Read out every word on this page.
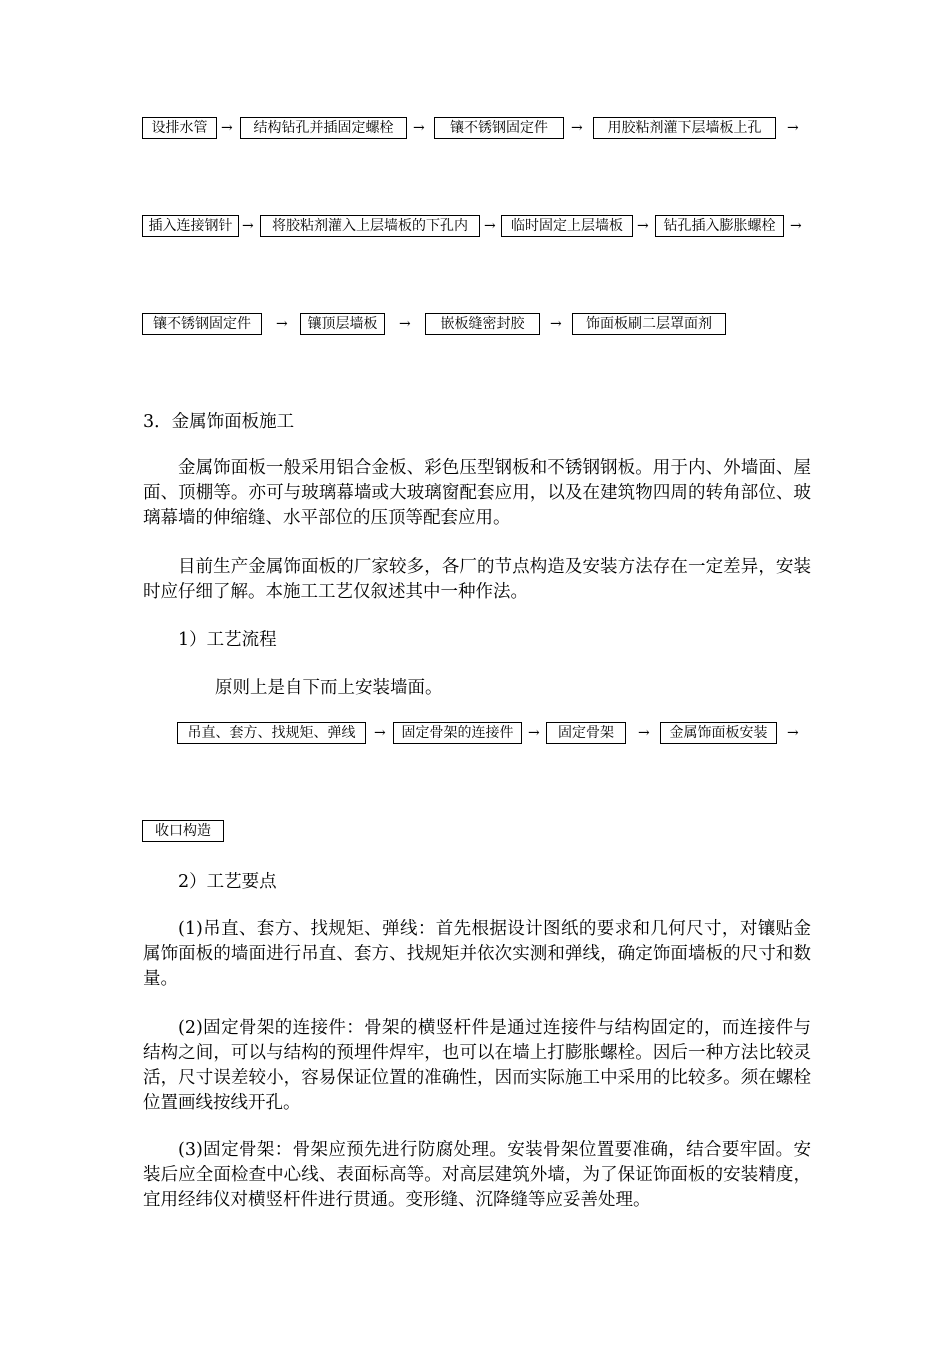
设排水管 →	结构钻孔并插固定螺栓	→	镶不锈钢固定件	→	用胶粘剂灌下层墙板上孔	→
插入连接钢针 →	将胶粘剂灌入上层墙板的下孔内	→	临时固定上层墙板	→	钻孔插入膨胀螺栓	→
镶不锈钢固定件	→	镶顶层墙板	→	嵌板缝密封胶	→	饰面板刷二层罩面剂
3．金属饰面板施工
金属饰面板一般采用铝合金板、彩色压型钢板和不锈钢钢板。用于内、外墙面、屋面、顶棚等。亦可与玻璃幕墙或大玻璃窗配套应用，以及在建筑物四周的转角部位、玻璃幕墙的伸缩缝、水平部位的压顶等配套应用。
目前生产金属饰面板的厂家较多，各厂的节点构造及安装方法存在一定差异，安装时应仔细了解。本施工工艺仅叙述其中一种作法。
1）工艺流程
原则上是自下而上安装墙面。
吊直、套方、找规矩、弹线	→	固定骨架的连接件	→	固定骨架	→	金属饰面板安装	→
收口构造
2）工艺要点
(1)吊直、套方、找规矩、弹线：首先根据设计图纸的要求和几何尺寸，对镶贴金属饰面板的墙面进行吊直、套方、找规矩并依次实测和弹线，确定饰面墙板的尺寸和数量。
(2)固定骨架的连接件：骨架的横竖杆件是通过连接件与结构固定的，而连接件与结构之间，可以与结构的预埋件焊牢，也可以在墙上打膨胀螺栓。因后一种方法比较灵活，尺寸误差较小，容易保证位置的准确性，因而实际施工中采用的比较多。须在螺栓位置画线按线开孔。
(3)固定骨架：骨架应预先进行防腐处理。安装骨架位置要准确，结合要牢固。安装后应全面检查中心线、表面标高等。对高层建筑外墙，为了保证饰面板的安装精度，宜用经纬仪对横竖杆件进行贯通。变形缝、沉降缝等应妥善处理。
